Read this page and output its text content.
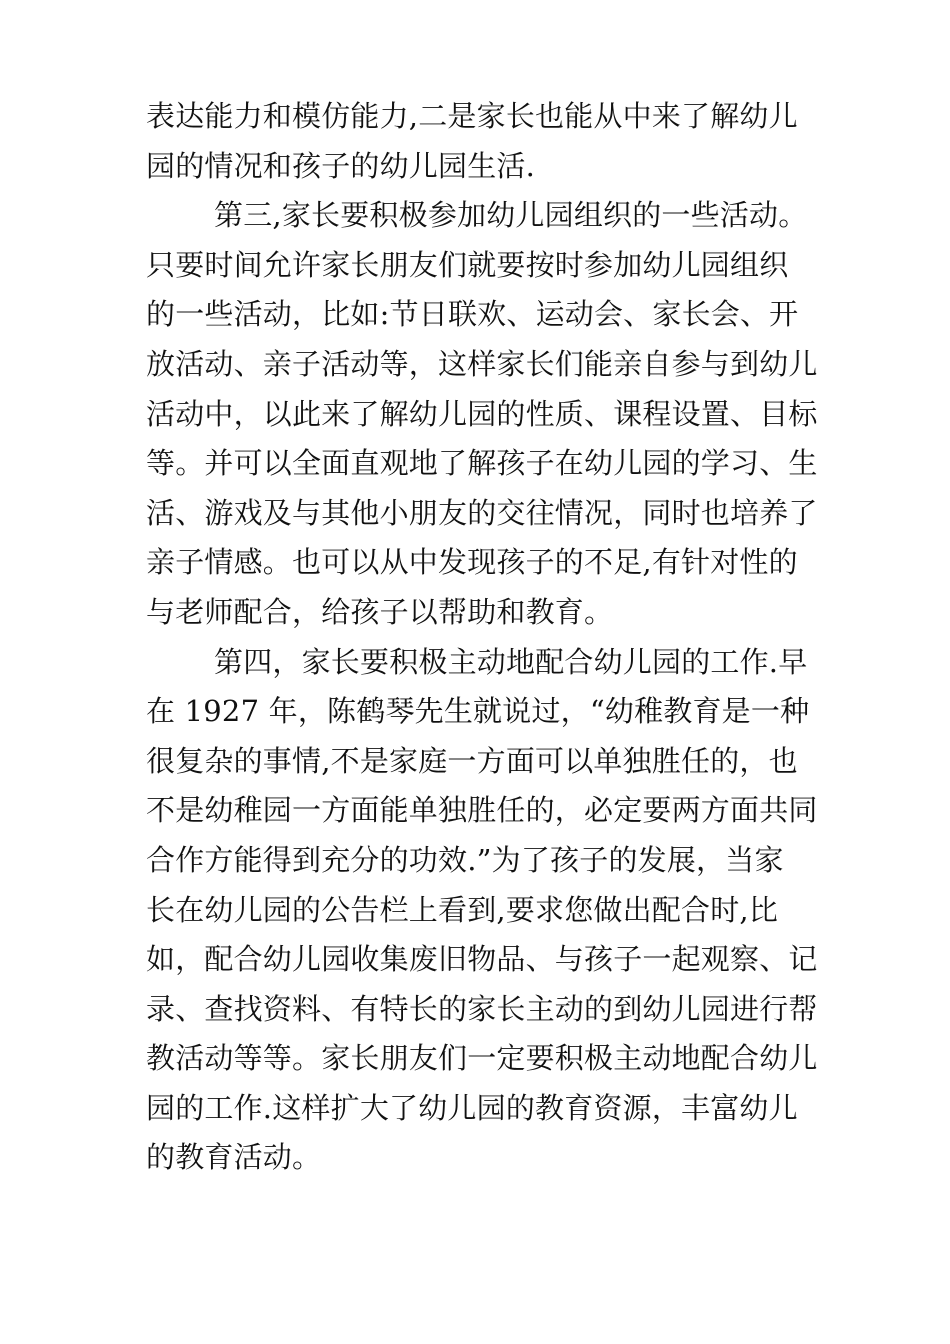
表达能力和模仿能力,二是家长也能从中来了解幼儿
园的情况和孩子的幼儿园生活.
第三,家长要积极参加幼儿园组织的一些活动。
只要时间允许家长朋友们就要按时参加幼儿园组织
的一些活动，比如:节日联欢、运动会、家长会、开
放活动、亲子活动等，这样家长们能亲自参与到幼儿
活动中，以此来了解幼儿园的性质、课程设置、目标
等。并可以全面直观地了解孩子在幼儿园的学习、生
活、游戏及与其他小朋友的交往情况，同时也培养了
亲子情感。也可以从中发现孩子的不足,有针对性的
与老师配合，给孩子以帮助和教育。
第四，家长要积极主动地配合幼儿园的工作.早
在 1927 年，陈鹤琴先生就说过，“幼稚教育是一种
很复杂的事情,不是家庭一方面可以单独胜任的，也
不是幼稚园一方面能单独胜任的，必定要两方面共同
合作方能得到充分的功效.”为了孩子的发展，当家
长在幼儿园的公告栏上看到,要求您做出配合时,比
如，配合幼儿园收集废旧物品、与孩子一起观察、记
录、查找资料、有特长的家长主动的到幼儿园进行帮
教活动等等。家长朋友们一定要积极主动地配合幼儿
园的工作.这样扩大了幼儿园的教育资源，丰富幼儿
的教育活动。
